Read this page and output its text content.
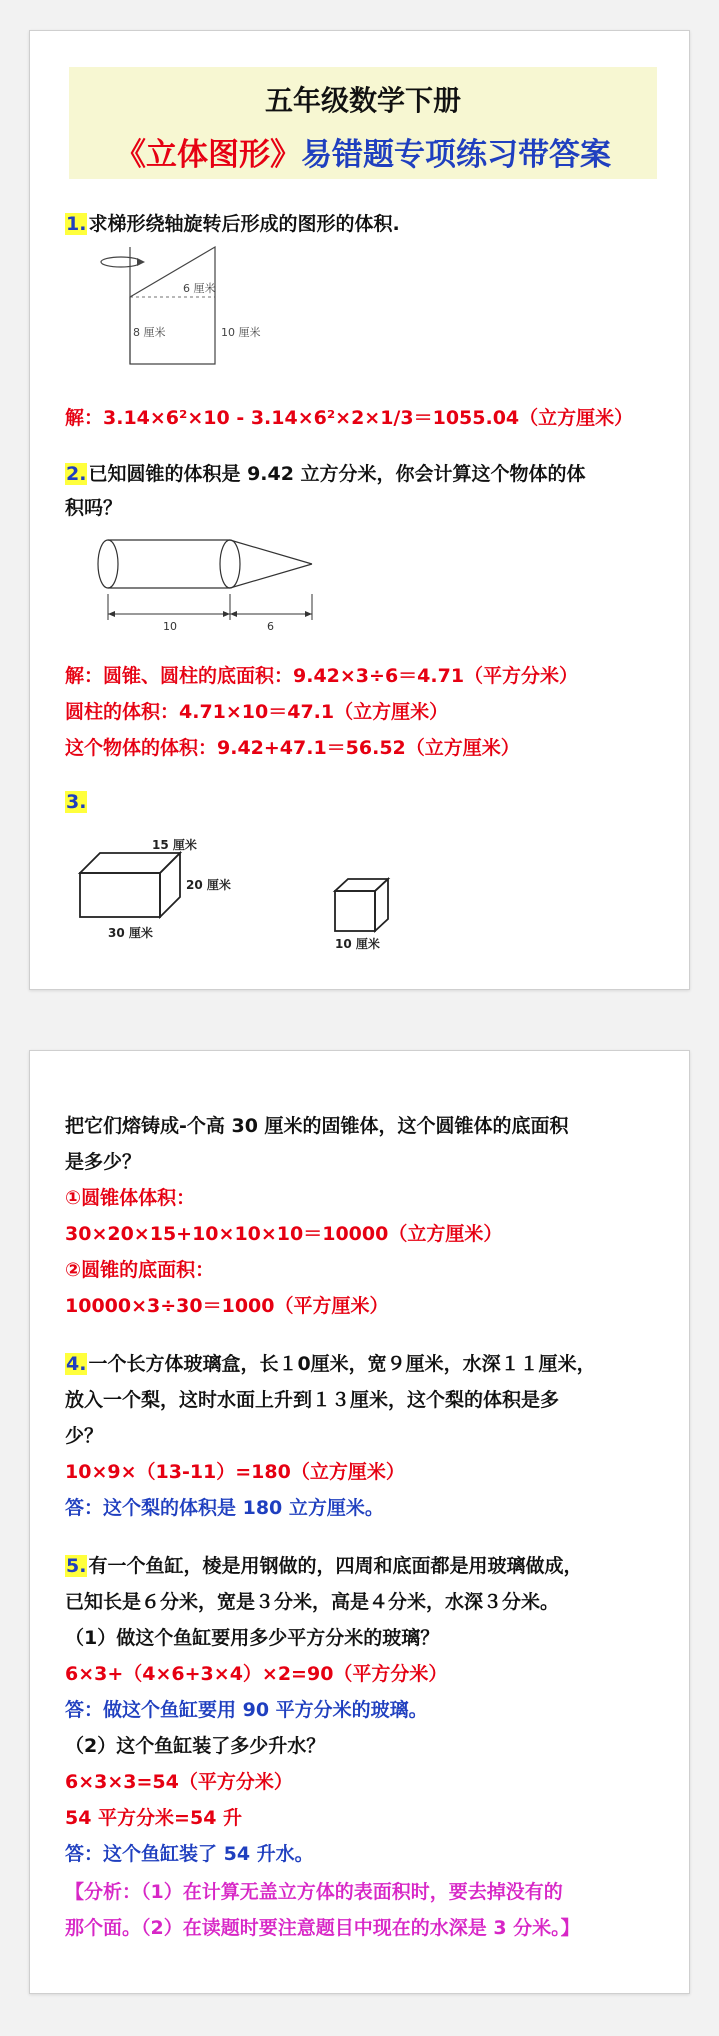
五年级数学下册
《立体图形》易错题专项练习带答案
1. 求梯形绕轴旋转后形成的图形的体积.
6 厘米
8 厘米	10 厘米
解：3.14×6²×10 - 3.14×6²×2×1/3＝1055.04（立方厘米）
2. 已知圆锥的体积是 9.42 立方分米，你会计算这个物体的体
积吗？
10	6
解：圆锥、圆柱的底面积：9.42×3÷6＝4.71（平方分米）
圆柱的体积：4.71×10＝47.1（立方厘米）
这个物体的体积：9.42+47.1＝56.52（立方厘米）
3.
15 厘米
20 厘米
30 厘米
10 厘米
把它们熔铸成-个高 30 厘米的固锥体，这个圆锥体的底面积
是多少？
①圆锥体体积：
30×20×15+10×10×10＝10000（立方厘米）
②圆锥的底面积：
10000×3÷30＝1000（平方厘米）
4. 一个长方体玻璃盒，长１0厘米，宽９厘米，水深１１厘米，
放入一个梨，这时水面上升到１３厘米，这个梨的体积是多
少？
10×9×（13-11）=180（立方厘米）
答：这个梨的体积是 180 立方厘米。
5. 有一个鱼缸，棱是用钢做的，四周和底面都是用玻璃做成，
已知长是６分米，宽是３分米，高是４分米，水深３分米。
（1）做这个鱼缸要用多少平方分米的玻璃？
6×3+（4×6+3×4）×2=90（平方分米）
答：做这个鱼缸要用 90 平方分米的玻璃。
（2）这个鱼缸装了多少升水？
6×3×3=54（平方分米）
54 平方分米=54 升
答：这个鱼缸装了 54 升水。
【分析：（1）在计算无盖立方体的表面积时，要去掉没有的
那个面。（2）在读题时要注意题目中现在的水深是 3 分米。】
